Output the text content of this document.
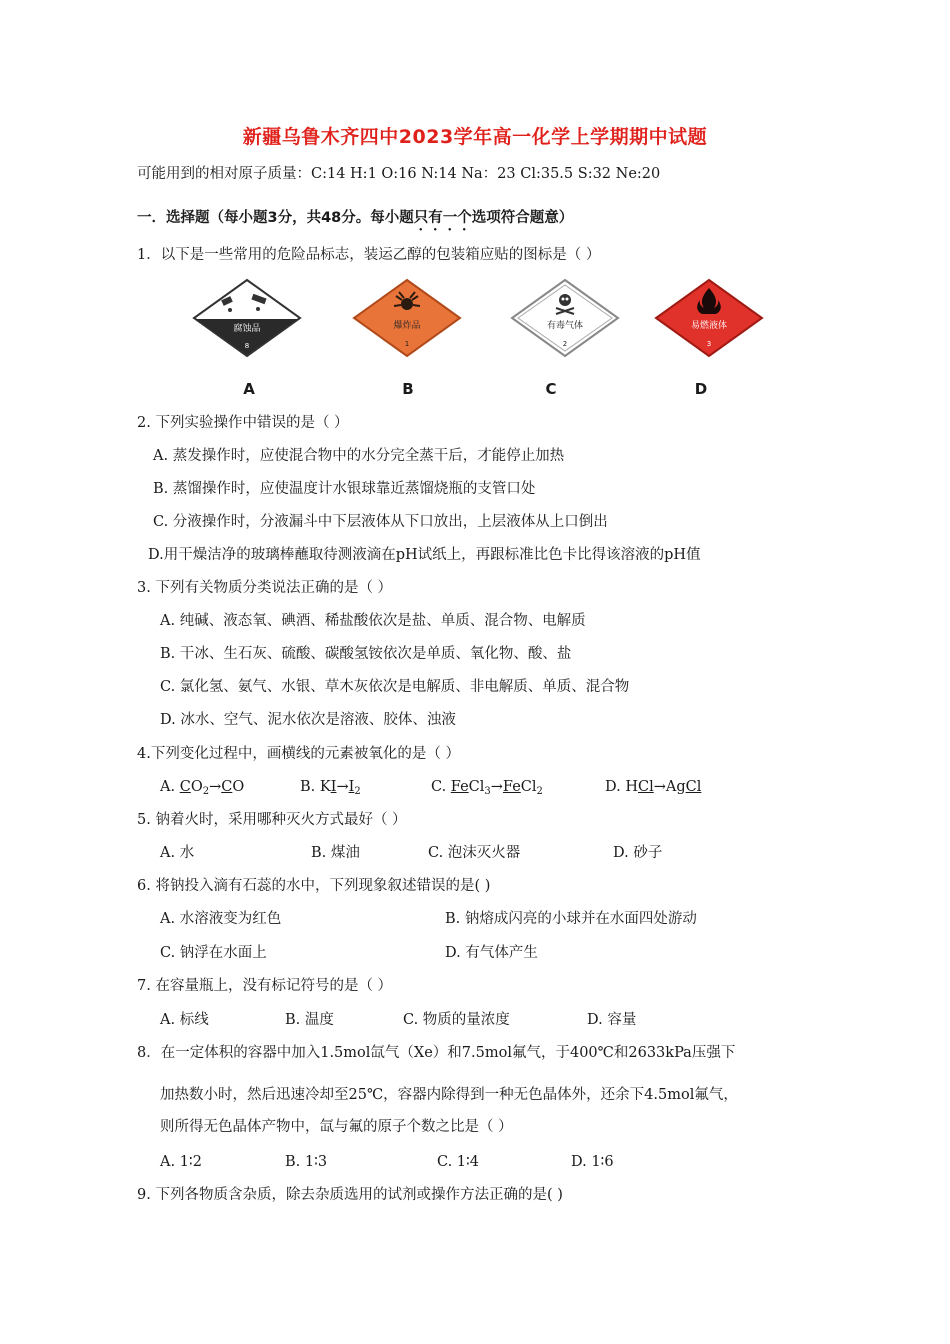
新疆乌鲁木齐四中2023学年高一化学上学期期中试题
可能用到的相对原子质量：C:14 H:1 O:16 N:14 Na：23 Cl:35.5 S:32 Ne:20
一．选择题（每小题3分，共48分。每小题只有一个选项符合题意）
1．以下是一些常用的危险品标志，装运乙醇的包装箱应贴的图标是（ ）
腐蚀品
8
爆炸品
1
有毒气体
2
易燃液体
3
A	B	C	D
2. 下列实验操作中错误的是（ ）
A. 蒸发操作时，应使混合物中的水分完全蒸干后，才能停止加热
B. 蒸馏操作时，应使温度计水银球靠近蒸馏烧瓶的支管口处
C. 分液操作时，分液漏斗中下层液体从下口放出，上层液体从上口倒出
D.用干燥洁净的玻璃棒蘸取待测液滴在pH试纸上，再跟标准比色卡比得该溶液的pH值
3. 下列有关物质分类说法正确的是（ ）
A. 纯碱、液态氧、碘酒、稀盐酸依次是盐、单质、混合物、电解质
B. 干冰、生石灰、硫酸、碳酸氢铵依次是单质、氧化物、酸、盐
C. 氯化氢、氨气、水银、草木灰依次是电解质、非电解质、单质、混合物
D. 冰水、空气、泥水依次是溶液、胶体、浊液
4.下列变化过程中，画横线的元素被氧化的是（ ）
A. $CO_2\to CO$	B. $KI\to I_2$	C. FeCl$_3$→FeCl$_2$	D. HCl→AgCl
5. 钠着火时，采用哪种灭火方式最好（ ）
A. 水	B. 煤油	C. 泡沫灭火器	D. 砂子
6. 将钠投入滴有石蕊的水中，下列现象叙述错误的是( )
A. 水溶液变为红色	B. 钠熔成闪亮的小球并在水面四处游动
C. 钠浮在水面上	D. 有气体产生
7. 在容量瓶上，没有标记符号的是（ ）
A. 标线	B. 温度	C. 物质的量浓度	D. 容量
8．在一定体积的容器中加入1.5mol氙气（Xe）和7.5mol氟气，于400℃和2633kPa压强下
加热数小时，然后迅速冷却至25℃，容器内除得到一种无色晶体外，还余下4.5mol氟气，
则所得无色晶体产物中，氙与氟的原子个数之比是（ ）
A. 1∶2	B. 1∶3	C. 1∶4	D. 1∶6
9. 下列各物质含杂质，除去杂质选用的试剂或操作方法正确的是( )
